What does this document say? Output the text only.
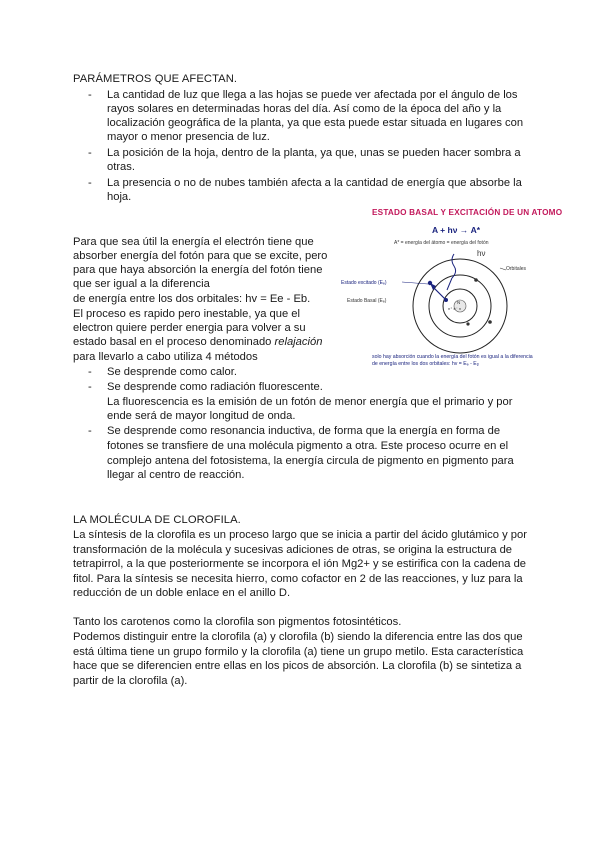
PARÁMETROS QUE AFECTAN.
- La cantidad de luz que llega a las hojas se puede ver afectada por el ángulo de los
rayos solares en determinadas horas del día. Así como de la época del año y la
localización geográfica de la planta, ya que esta puede estar situada en lugares con
mayor o menor presencia de luz.
- La posición de la hoja, dentro de la planta, ya que, unas se pueden hacer sombra a
otras.
- La presencia o no de nubes también afecta a la cantidad de energía que absorbe la
hoja.
ESTADO BASAL Y EXCITACIÓN DE UN ATOMO
A + hν → A*
A* = energía del átomo = energía del fotón
hν
Orbitales
Estado excitado (Eₑ)
Estado Basal (Eₑ)	N
n⁺ e⁻ n
solo hay absorción cuando la energía del fotón es igual a la diferencia
de energía entre los dos orbitales: hv = Eₑ - Eᵦ
Para que sea útil la energía el electrón tiene que
absorber energía del fotón para que se excite, pero
para que haya absorción la energía del fotón tiene
que ser igual a la diferencia
de energía entre los dos orbitales: hv = Ee - Eb.
El proceso es rapido pero inestable, ya que el
electron quiere perder energia para volver a su
estado basal en el proceso denominado relajación
para llevarlo a cabo utiliza 4 métodos
- Se desprende como calor.
- Se desprende como radiación fluorescente.
La fluorescencia es la emisión de un fotón de menor energía que el primario y por
ende será de mayor longitud de onda.
- Se desprende como resonancia inductiva, de forma que la energía en forma de
fotones se transfiere de una molécula pigmento a otra. Este proceso ocurre en el
complejo antena del fotosistema, la energía circula de pigmento en pigmento para
llegar al centro de reacción.
LA MOLÉCULA DE CLOROFILA.
La síntesis de la clorofila es un proceso largo que se inicia a partir del ácido glutámico y por
transformación de la molécula y sucesivas adiciones de otras, se origina la estructura de
tetrapirrol, a la que posteriormente se incorpora el ión Mg2+ y se estirifica con la cadena de
fitol. Para la síntesis se necesita hierro, como cofactor en 2 de las reacciones, y luz para la
reducción de un doble enlace en el anillo D.
Tanto los carotenos como la clorofila son pigmentos fotosintéticos.
Podemos distinguir entre la clorofila (a) y clorofila (b) siendo la diferencia entre las dos que
está última tiene un grupo formilo y la clorofila (a) tiene un grupo metilo. Esta característica
hace que se diferencien entre ellas en los picos de absorción. La clorofila (b) se sintetiza a
partir de la clorofila (a).
